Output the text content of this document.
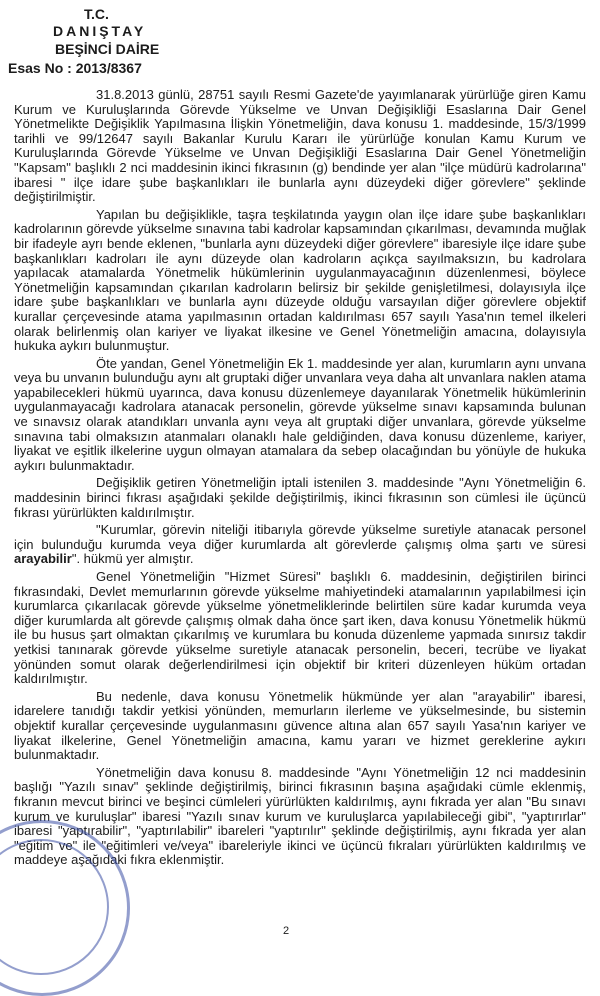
T.C.
DANIŞTAY
BEŞİNCİ DAİRE
Esas No : 2013/8367

31.8.2013 günlü, 28751 sayılı Resmi Gazete'de yayımlanarak yürürlüğe giren Kamu Kurum ve Kuruluşlarında Görevde Yükselme ve Unvan Değişikliği Esaslarına Dair Genel Yönetmelikte Değişiklik Yapılmasına İlişkin Yönetmeliğin, dava konusu 1. maddesinde, 15/3/1999 tarihli ve 99/12647 sayılı Bakanlar Kurulu Kararı ile yürürlüğe konulan Kamu Kurum ve Kuruluşlarında Görevde Yükselme ve Unvan Değişikliği Esaslarına Dair Genel Yönetmeliğin "Kapsam" başlıklı 2 nci maddesinin ikinci fıkrasının (g) bendinde yer alan "ilçe müdürü kadrolarına" ibaresi " ilçe idare şube başkanlıkları ile bunlarla aynı düzeydeki diğer görevlere" şeklinde değiştirilmiştir.

Yapılan bu değişiklikle, taşra teşkilatında yaygın olan ilçe idare şube başkanlıkları kadrolarının görevde yükselme sınavına tabi kadrolar kapsamından çıkarılması, devamında muğlak bir ifadeyle ayrı bende eklenen, "bunlarla aynı düzeydeki diğer görevlere" ibaresiyle ilçe idare şube başkanlıkları kadroları ile aynı düzeyde olan kadroların açıkça sayılmaksızın, bu kadrolara yapılacak atamalarda Yönetmelik hükümlerinin uygulanmayacağının düzenlenmesi, böylece Yönetmeliğin kapsamından çıkarılan kadroların belirsiz bir şekilde genişletilmesi, dolayısıyla ilçe idare şube başkanlıkları ve bunlarla aynı düzeyde olduğu varsayılan diğer görevlere objektif kurallar çerçevesinde atama yapılmasının ortadan kaldırılması 657 sayılı Yasa'nın temel ilkeleri olarak belirlenmiş olan kariyer ve liyakat ilkesine ve Genel Yönetmeliğin amacına, dolayısıyla hukuka aykırı bulunmuştur.

Öte yandan, Genel Yönetmeliğin Ek 1. maddesinde yer alan, kurumların aynı unvana veya bu unvanın bulunduğu aynı alt gruptaki diğer unvanlara veya daha alt unvanlara naklen atama yapabilecekleri hükmü uyarınca, dava konusu düzenlemeye dayanılarak Yönetmelik hükümlerinin uygulanmayacağı kadrolara atanacak personelin, görevde yükselme sınavı kapsamında bulunan ve sınavsız olarak atandıkları unvanla aynı veya alt gruptaki diğer unvanlara, görevde yükselme sınavına tabi olmaksızın atanmaları olanaklı hale geldiğinden, dava konusu düzenleme, kariyer, liyakat ve eşitlik ilkelerine uygun olmayan atamalara da sebep olacağından bu yönüyle de hukuka aykırı bulunmaktadır.

Değişiklik getiren Yönetmeliğin iptali istenilen 3. maddesinde "Aynı Yönetmeliğin 6. maddesinin birinci fıkrası aşağıdaki şekilde değiştirilmiş, ikinci fıkrasının son cümlesi ile üçüncü fıkrası yürürlükten kaldırılmıştır.

"Kurumlar, görevin niteliği itibarıyla görevde yükselme suretiyle atanacak personel için bulunduğu kurumda veya diğer kurumlarda alt görevlerde çalışmış olma şartı ve süresi arayabilir". hükmü yer almıştır.

Genel Yönetmeliğin "Hizmet Süresi" başlıklı 6. maddesinin, değiştirilen birinci fıkrasındaki, Devlet memurlarının görevde yükselme mahiyetindeki atamalarının yapılabilmesi için kurumlarca çıkarılacak görevde yükselme yönetmeliklerinde belirtilen süre kadar kurumda veya diğer kurumlarda alt görevde çalışmış olmak daha önce şart iken, dava konusu Yönetmelik hükmü ile bu husus şart olmaktan çıkarılmış ve kurumlara bu konuda düzenleme yapmada sınırsız takdir yetkisi tanınarak görevde yükselme suretiyle atanacak personelin, beceri, tecrübe ve liyakat yönünden somut olarak değerlendirilmesi için objektif bir kriteri düzenleyen hüküm ortadan kaldırılmıştır.

Bu nedenle, dava konusu Yönetmelik hükmünde yer alan "arayabilir" ibaresi, idarelere tanıdığı takdir yetkisi yönünden, memurların ilerleme ve yükselmesinde, bu sistemin objektif kurallar çerçevesinde uygulanmasını güvence altına alan 657 sayılı Yasa'nın kariyer ve liyakat ilkelerine, Genel Yönetmeliğin amacına, kamu yararı ve hizmet gereklerine aykırı bulunmaktadır.

Yönetmeliğin dava konusu 8. maddesinde "Aynı Yönetmeliğin 12 nci maddesinin başlığı "Yazılı sınav" şeklinde değiştirilmiş, birinci fıkrasının başına aşağıdaki cümle eklenmiş, fıkranın mevcut birinci ve beşinci cümleleri yürürlükten kaldırılmış, aynı fıkrada yer alan "Bu sınavı kurum ve kuruluşlar" ibaresi "Yazılı sınav kurum ve kuruluşlarca yapılabileceği gibi", "yaptırırlar" ibaresi "yaptırabilir", "yaptırılabilir" ibareleri "yaptırılır" şeklinde değiştirilmiş, aynı fıkrada yer alan "eğitim ve" ile "eğitimleri ve/veya" ibareleriyle ikinci ve üçüncü fıkraları yürürlükten kaldırılmış ve maddeye aşağıdaki fıkra eklenmiştir.

2
